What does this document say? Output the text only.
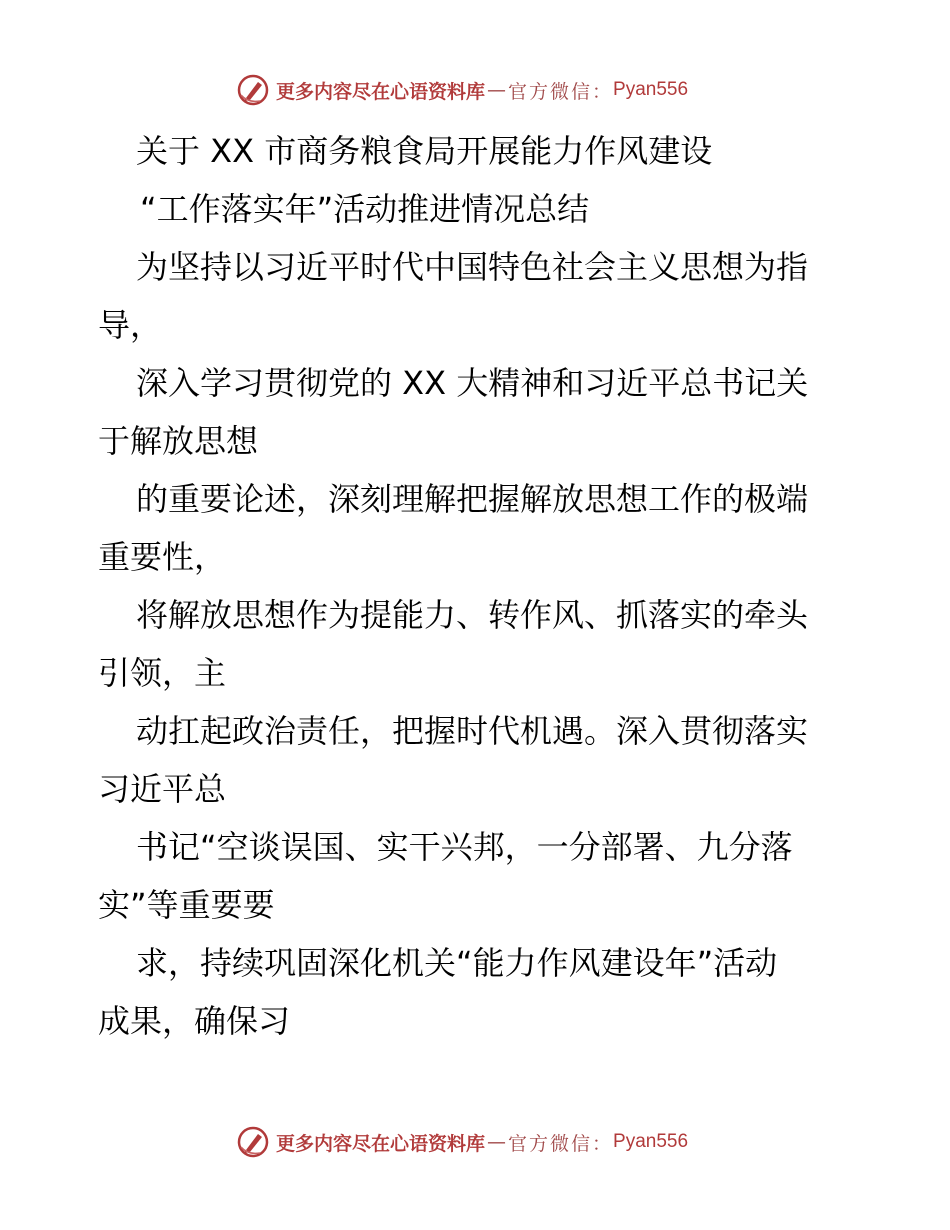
更多内容尽在心语资料库 — 官方微信： Pyan556
关于 XX 市商务粮食局开展能力作风建设
“工作落实年”活动推进情况总结
为坚持以习近平时代中国特色社会主义思想为指
导，
深入学习贯彻党的 XX 大精神和习近平总书记关
于解放思想
的重要论述，深刻理解把握解放思想工作的极端
重要性，
将解放思想作为提能力、转作风、抓落实的牵头
引领，主
动扛起政治责任，把握时代机遇。深入贯彻落实
习近平总
书记“空谈误国、实干兴邦，一分部署、九分落
实”等重要要
求，持续巩固深化机关“能力作风建设年”活动
成果，确保习
更多内容尽在心语资料库 — 官方微信： Pyan556
